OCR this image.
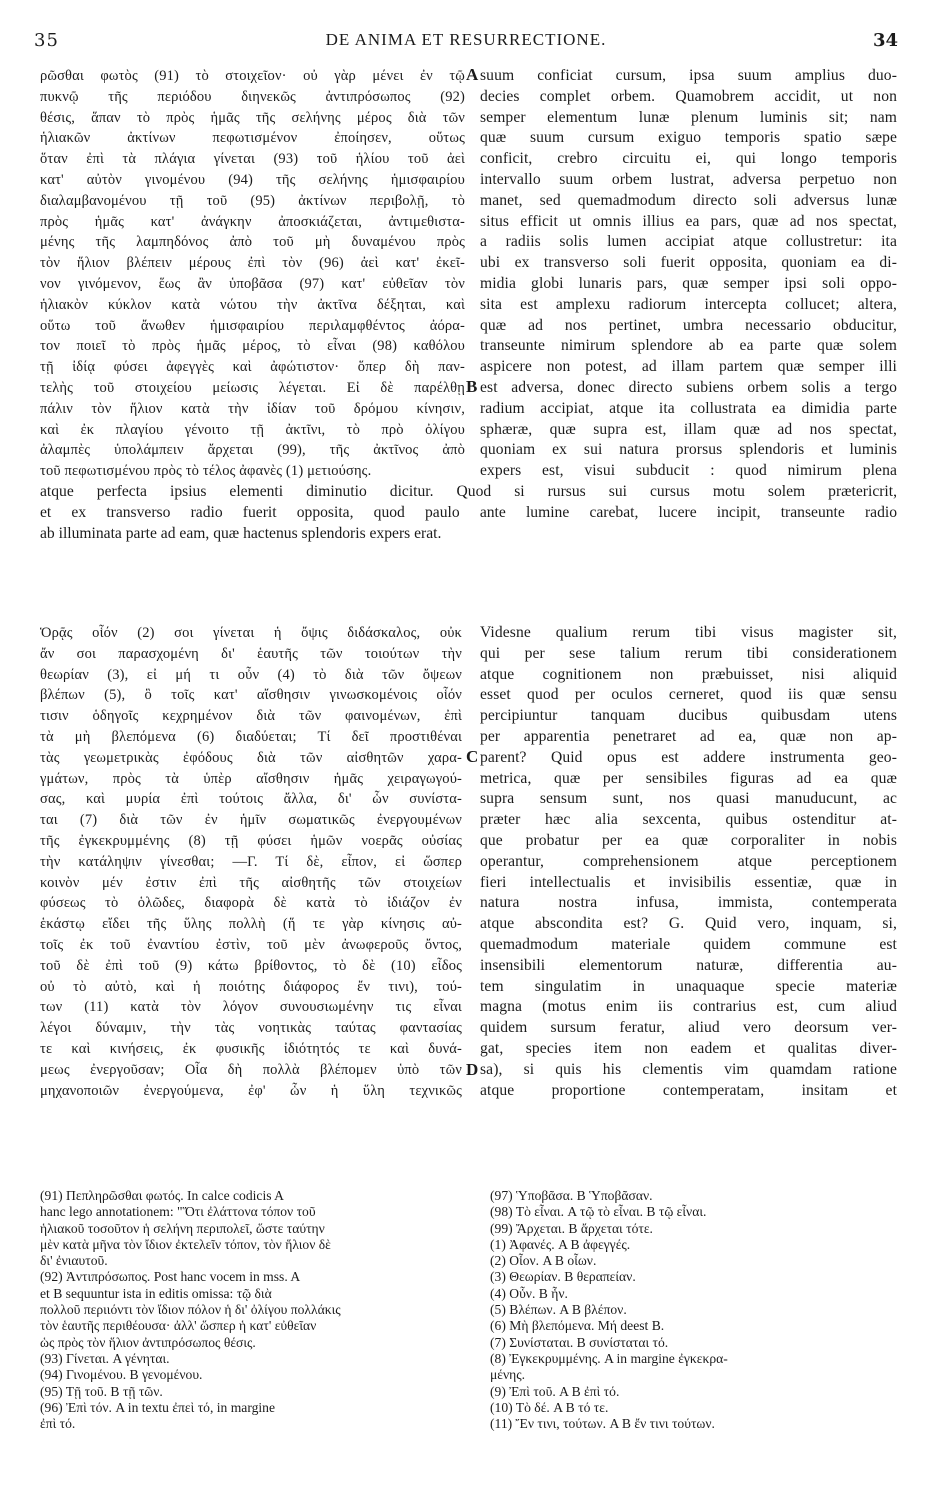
35	DE ANIMA ET RESURRECTIONE.	34
ρῶσθαι φωτὸς (91) τὸ στοιχεῖον· οὐ γὰρ μένει ἐν τῷ
πυκνῷ τῆς περιόδου διηνεκῶς ἀντιπρόσωπος (92)
θέσις, ἅπαν τὸ πρὸς ἡμᾶς τῆς σελήνης μέρος διὰ τῶν
ἡλιακῶν ἀκτίνων πεφωτισμένον ἐποίησεν, οὕτως
ὅταν ἐπὶ τὰ πλάγια γίνεται (93) τοῦ ἡλίου τοῦ ἀεὶ
κατ' αὐτὸν γινομένου (94) τῆς σελήνης ἡμισφαιρίου
διαλαμβανομένου τῇ τοῦ (95) ἀκτίνων περιβολῇ, τὸ
πρὸς ἡμᾶς κατ' ἀνάγκην ἀποσκιάζεται, ἀντιμεθιστα-
μένης τῆς λαμπηδόνος ἀπὸ τοῦ μὴ δυναμένου πρὸς
τὸν ἥλιον βλέπειν μέρους ἐπὶ τὸν (96) ἀεὶ κατ' ἐκεῖ-
νον γινόμενον, ἕως ἂν ὑποβᾶσα (97) κατ' εὐθεῖαν τὸν
ἡλιακὸν κύκλον κατὰ νώτου τὴν ἀκτῖνα δέξηται, καὶ
οὕτω τοῦ ἄνωθεν ἡμισφαιρίου περιλαμφθέντος ἀόρα-
τον ποιεῖ τὸ πρὸς ἡμᾶς μέρος, τὸ εἶναι (98) καθόλου
τῇ ἰδίᾳ φύσει ἀφεγγὲς καὶ ἀφώτιστον· ὅπερ δὴ παν-
τελὴς τοῦ στοιχείου μείωσις λέγεται. Εἰ δὲ παρέλθῃ
πάλιν τὸν ἥλιον κατὰ τὴν ἰδίαν τοῦ δρόμου κίνησιν,
καὶ ἐκ πλαγίου γένοιτο τῇ ἀκτῖνι, τὸ πρὸ ὀλίγου
ἀλαμπὲς ὑπολάμπειν ἄρχεται (99), τῆς ἀκτῖνος ἀπὸ
τοῦ πεφωτισμένου πρὸς τὸ τέλος ἀφανὲς (1) μετιούσης.
suum conficiat cursum, ipsa suum amplius duo-
decies complet orbem. Quamobrem accidit, ut non
semper elementum lunæ plenum luminis sit; nam
quæ suum cursum exiguo temporis spatio sæpe
conficit, crebro circuitu ei, qui longo temporis
intervallo suum orbem lustrat, adversa perpetuo non
manet, sed quemadmodum directo soli adversus lunæ
situs efficit ut omnis illius ea pars, quæ ad nos spectat,
a radiis solis lumen accipiat atque collustretur: ita
ubi ex transverso soli fuerit opposita, quoniam ea di-
midia globi lunaris pars, quæ semper ipsi soli oppo-
sita est amplexu radiorum intercepta collucet; altera,
quæ ad nos pertinet, umbra necessario obducitur,
transeunte nimirum splendore ab ea parte quæ solem
aspicere non potest, ad illam partem quæ semper illi
est adversa, donec directo subiens orbem solis a tergo
radium accipiat, atque ita collustrata ea dimidia parte
sphæræ, quæ supra est, illam quæ ad nos spectat,
quoniam ex sui natura prorsus splendoris et luminis
expers est, visui subducit : quod nimirum plena
atque perfecta ipsius elementi diminutio dicitur. Quod si rursus sui cursus motu solem prætericrit,
et ex transverso radio fuerit opposita, quod paulo ante lumine carebat, lucere incipit, transeunte radio
ab illuminata parte ad eam, quæ hactenus splendoris expers erat.
Ὁρᾷς οἷόν (2) σοι γίνεται ἡ ὄψις διδάσκαλος, οὐκ
ἄν σοι παρασχομένη δι' ἑαυτῆς τῶν τοιούτων τὴν
θεωρίαν (3), εἰ μή τι οὖν (4) τὸ διὰ τῶν ὄψεων
βλέπων (5), ὃ τοῖς κατ' αἴσθησιν γινωσκομένοις οἷόν
τισιν ὁδηγοῖς κεχρημένον διὰ τῶν φαινομένων, ἐπὶ
τὰ μὴ βλεπόμενα (6) διαδύεται; Τί δεῖ προστιθέναι
τὰς γεωμετρικὰς ἐφόδους διὰ τῶν αἰσθητῶν χαρα-
γμάτων, πρὸς τὰ ὑπὲρ αἴσθησιν ἡμᾶς χειραγωγού-
σας, καὶ μυρία ἐπὶ τούτοις ἄλλα, δι' ὧν συνίστα-
ται (7) διὰ τῶν ἐν ἡμῖν σωματικῶς ἐνεργουμένων
τῆς ἐγκεκρυμμένης (8) τῇ φύσει ἡμῶν νοερᾶς οὐσίας
τὴν κατάληψιν γίνεσθαι; —Γ. Τί δὲ, εἶπον, εἰ ὥσπερ
κοινὸν μέν ἐστιν ἐπὶ τῆς αἰσθητῆς τῶν στοιχείων
φύσεως τὸ ὁλῶδες, διαφορὰ δὲ κατὰ τὸ ἰδιάζον ἐν
ἑκάστῳ εἴδει τῆς ὕλης πολλὴ (ἥ τε γὰρ κίνησις αὐ-
τοῖς ἐκ τοῦ ἐναντίου ἐστὶν, τοῦ μὲν ἀνωφεροῦς ὄντος,
τοῦ δὲ ἐπὶ τοῦ (9) κάτω βρίθοντος, τὸ δὲ (10) εἶδος
οὐ τὸ αὐτὸ, καὶ ἡ ποιότης διάφορος ἔν τινι), τού-
των (11) κατὰ τὸν λόγον συνουσιωμένην τις εἶναι
λέγοι δύναμιν, τὴν τὰς νοητικὰς ταύτας φαντασίας
τε καὶ κινήσεις, ἐκ φυσικῆς ἰδιότητός τε καὶ δυνά-
μεως ἐνεργοῦσαν; Οἷα δὴ πολλὰ βλέπομεν ὑπὸ τῶν
μηχανοποιῶν ἐνεργούμενα, ἐφ' ὧν ἡ ὕλη τεχνικῶς
Videsne qualium rerum tibi visus magister sit,
qui per sese talium rerum tibi considerationem
atque cognitionem non præbuisset, nisi aliquid
esset quod per oculos cerneret, quod iis quæ sensu
percipiuntur tanquam ducibus quibusdam utens
per apparentia penetraret ad ea, quæ non ap-
parent? Quid opus est addere instrumenta geo-
metrica, quæ per sensibiles figuras ad ea quæ
supra sensum sunt, nos quasi manuducunt, ac
præter hæc alia sexcenta, quibus ostenditur at-
que probatur per ea quæ corporaliter in nobis
operantur, comprehensionem atque perceptionem
fieri intellectualis et invisibilis essentiæ, quæ in
natura nostra infusa, immista, contemperata
atque abscondita est? G. Quid vero, inquam, si,
quemadmodum materiale quidem commune est
insensibili elementorum naturæ, differentia au-
tem singulatim in unaquaque specie materiæ
magna (motus enim iis contrarius est, cum aliud
quidem sursum feratur, aliud vero deorsum ver-
gat, species item non eadem et qualitas diver-
sa), si quis his clementis vim quamdam ratione
atque proportione contemperatam, insitam et
A
B
C
D
(91) Πεπληρῶσθαι φωτός. In calce codicis A
hanc lego annotationem: "Ὅτι ἐλάττονα τόπον τοῦ
ἡλιακοῦ τοσοῦτον ἡ σελήνη περιπολεῖ, ὥστε ταύτην
μὲν κατὰ μῆνα τὸν ἴδιον ἐκτελεῖν τόπον, τὸν ἥλιον δὲ
δι' ἐνιαυτοῦ.
(92) Ἀντιπρόσωπος. Post hanc vocem in mss. A
et B sequuntur ista in editis omissa: τῷ διὰ
πολλοῦ περιιόντι τὸν ἴδιον πόλον ἡ δι' ὀλίγου πολλάκις
τὸν ἑαυτῆς περιθέουσα· ἀλλ' ὥσπερ ἡ κατ' εὐθεῖαν
ὡς πρὸς τὸν ἥλιον ἀντιπρόσωπος θέσις.
(93) Γίνεται. A γένηται.
(94) Γινομένου. B γενομένου.
(95) Τῇ τοῦ. B τῇ τῶν.
(96) Ἐπὶ τόν. A in textu ἐπεὶ τό, in margine
ἐπὶ τό.
(97) Ὑποβᾶσα. B Ὑποβᾶσαν.
(98) Τὸ εἶναι. A τῷ τὸ εἶναι. B τῷ εἶναι.
(99) Ἄρχεται. B ἄρχεται τότε.
(1) Ἀφανές. A B ἀφεγγές.
(2) Οἷον. A B οἷων.
(3) Θεωρίαν. B θεραπείαν.
(4) Οὖν. B ἦν.
(5) Βλέπων. A B βλέπον.
(6) Μὴ βλεπόμενα. Μή deest B.
(7) Συνίσταται. B συνίσταται τό.
(8) Ἐγκεκρυμμένης. A in margine ἐγκεκρα-
μένης.
(9) Ἐπὶ τοῦ. A B ἐπὶ τό.
(10) Τὸ δέ. A B τό τε.
(11) Ἔν τινι, τούτων. A B ἔν τινι τούτων.
